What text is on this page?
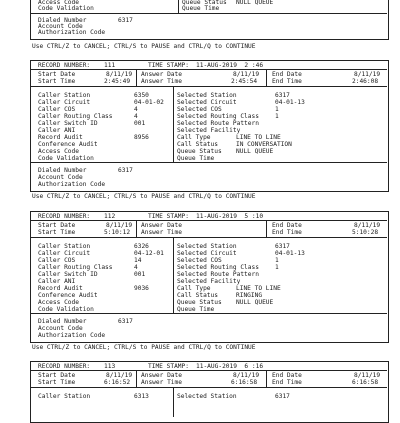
Access Code
Code Validation
Queue Status NULL QUEUE
Queue Time
Dialed Number	6317
Account Code
Authorization Code
Use CTRL/Z to CANCEL; CTRL/S to PAUSE and CTRL/Q to CONTINUE
RECORD NUMBER: 111	TIME STAMP: 11-AUG-2019  2 :46
Start Date	8/11/19
Start Time	2:45:49
Answer Date	8/11/19
Answer Time	2:45:54
End Date	8/11/19
End Time	2:46:08
Caller Station	6350
Caller Circuit	04-01-02
Caller COS	4
Caller Routing Class	4
Caller Switch ID	001
Caller ANI
Record Audit	8956
Conference Audit
Access Code
Code Validation
Selected Station	6317
Selected Circuit	04-01-13
Selected COS	1
Selected Routing Class	1
Selected Route Pattern
Selected Facility
Call Type	LINE TO LINE
Call Status	IN CONVERSATION
Queue Status NULL QUEUE
Queue Time
Dialed Number	6317
Account Code
Authorization Code
Use CTRL/Z to CANCEL; CTRL/S to PAUSE and CTRL/Q to CONTINUE
RECORD NUMBER: 112	TIME STAMP: 11-AUG-2019  5 :10
Start Date	8/11/19
Start Time	5:10:12
Answer Date
Answer Time
End Date	8/11/19
End Time	5:10:28
Caller Station	6326
Caller Circuit	04-12-01
Caller COS	14
Caller Routing Class	4
Caller Switch ID	001
Caller ANI
Record Audit	9036
Conference Audit
Access Code
Code Validation
Selected Station	6317
Selected Circuit	04-01-13
Selected COS	1
Selected Routing Class	1
Selected Route Pattern
Selected Facility
Call Type	LINE TO LINE
Call Status	RINGING
Queue Status NULL QUEUE
Queue Time
Dialed Number	6317
Account Code
Authorization Code
Use CTRL/Z to CANCEL; CTRL/S to PAUSE and CTRL/Q to CONTINUE
RECORD NUMBER: 113	TIME STAMP: 11-AUG-2019  6 :16
Start Date	8/11/19
Start Time	6:16:52
Answer Date	8/11/19
Answer Time	6:16:58
End Date	8/11/19
End Time	6:16:58
Caller Station	6313	Selected Station	6317
